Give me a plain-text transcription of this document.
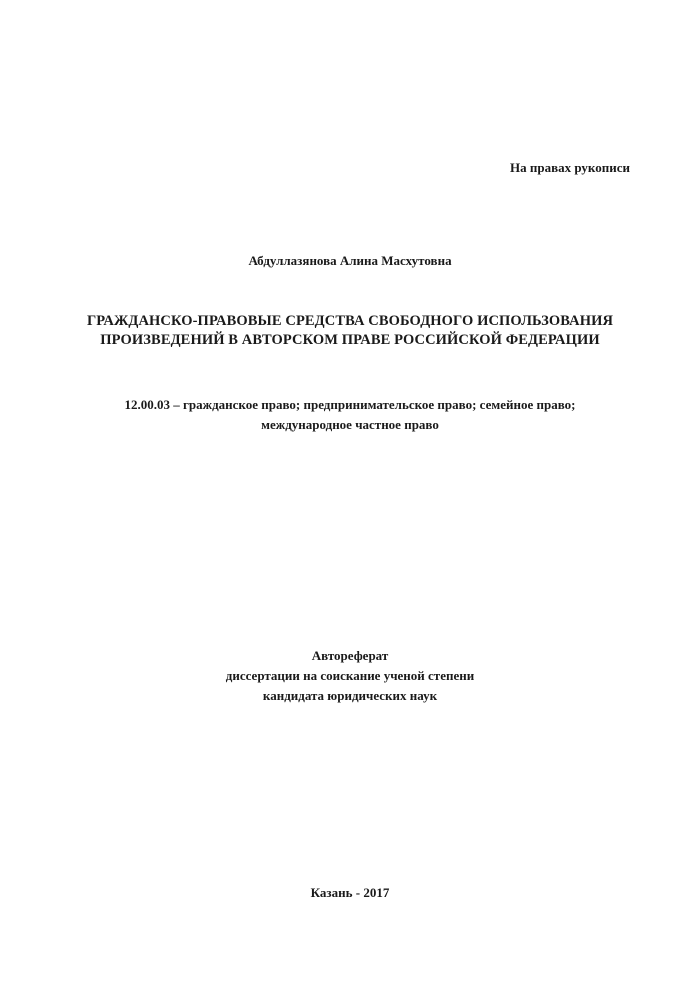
На правах рукописи
Абдуллазянова Алина Масхутовна
ГРАЖДАНСКО-ПРАВОВЫЕ СРЕДСТВА СВОБОДНОГО ИСПОЛЬЗОВАНИЯ
ПРОИЗВЕДЕНИЙ В АВТОРСКОМ ПРАВЕ РОССИЙСКОЙ ФЕДЕРАЦИИ
12.00.03 – гражданское право; предпринимательское право; семейное право;
международное частное право
Автореферат
диссертации на соискание ученой степени
кандидата юридических наук
Казань - 2017
